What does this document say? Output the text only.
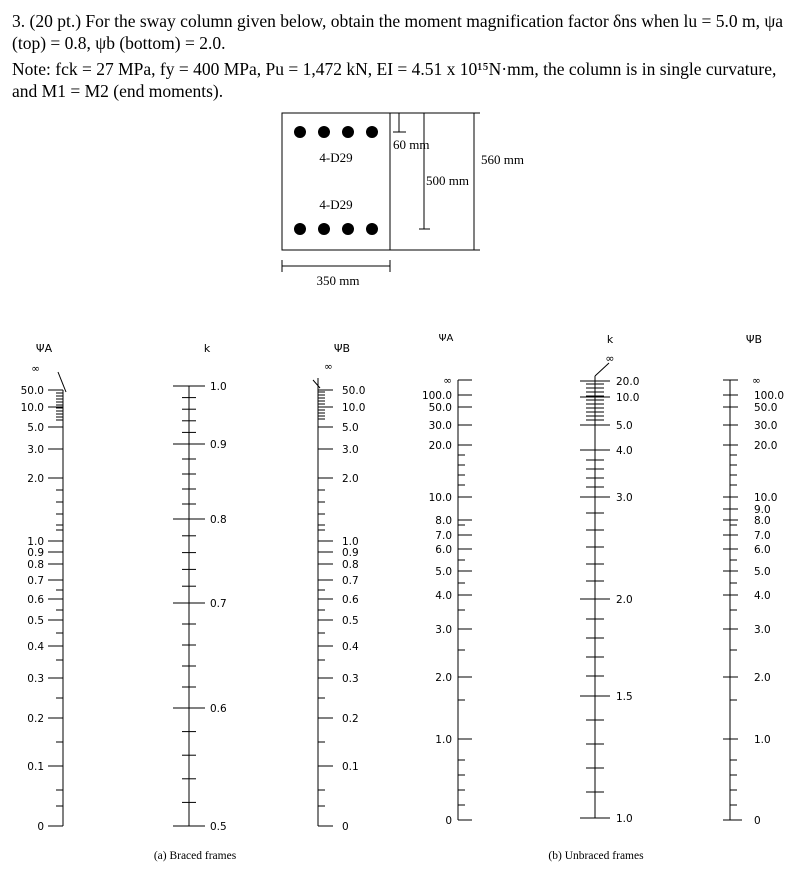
3. (20 pt.) For the sway column given below, obtain the moment magnification factor δns when lu = 5.0 m, ψa (top) = 0.8, ψb (bottom) = 2.0.

Note: fck = 27 MPa, fy = 400 MPa, Pu = 1,472 kN, EI = 4.51 x 10¹⁵N·mm, the column is in single curvature, and M1 = M2 (end moments).

4-D29
4-D29
60 mm
500 mm
560 mm
350 mm
ΨA	k	ΨB
∞
50.0
10.0
5.0
3.0
2.0
1.0
0.9
0.8
0.7
0.6
0.5
0.4
0.3
0.2
0.1
0
∞
50.0
10.0
5.0
3.0
2.0
1.0
0.9
0.8
0.7
0.6
0.5
0.4
0.3
0.2
0.1
0
1.0
0.9
0.8
0.7
0.6
0.5
(a) Braced frames
ΨA	k	ΨB
∞
100.0
50.0
30.0
20.0
10.0
8.0
7.0
6.0
5.0
4.0
3.0
2.0
1.0
0
∞
100.0
50.0
30.0
20.0
10.0
9.0
8.0
7.0
6.0
5.0
4.0
3.0
2.0
1.0
0
∞
20.0
10.0
5.0
4.0
3.0
2.0
1.5
1.0
(b) Unbraced frames
